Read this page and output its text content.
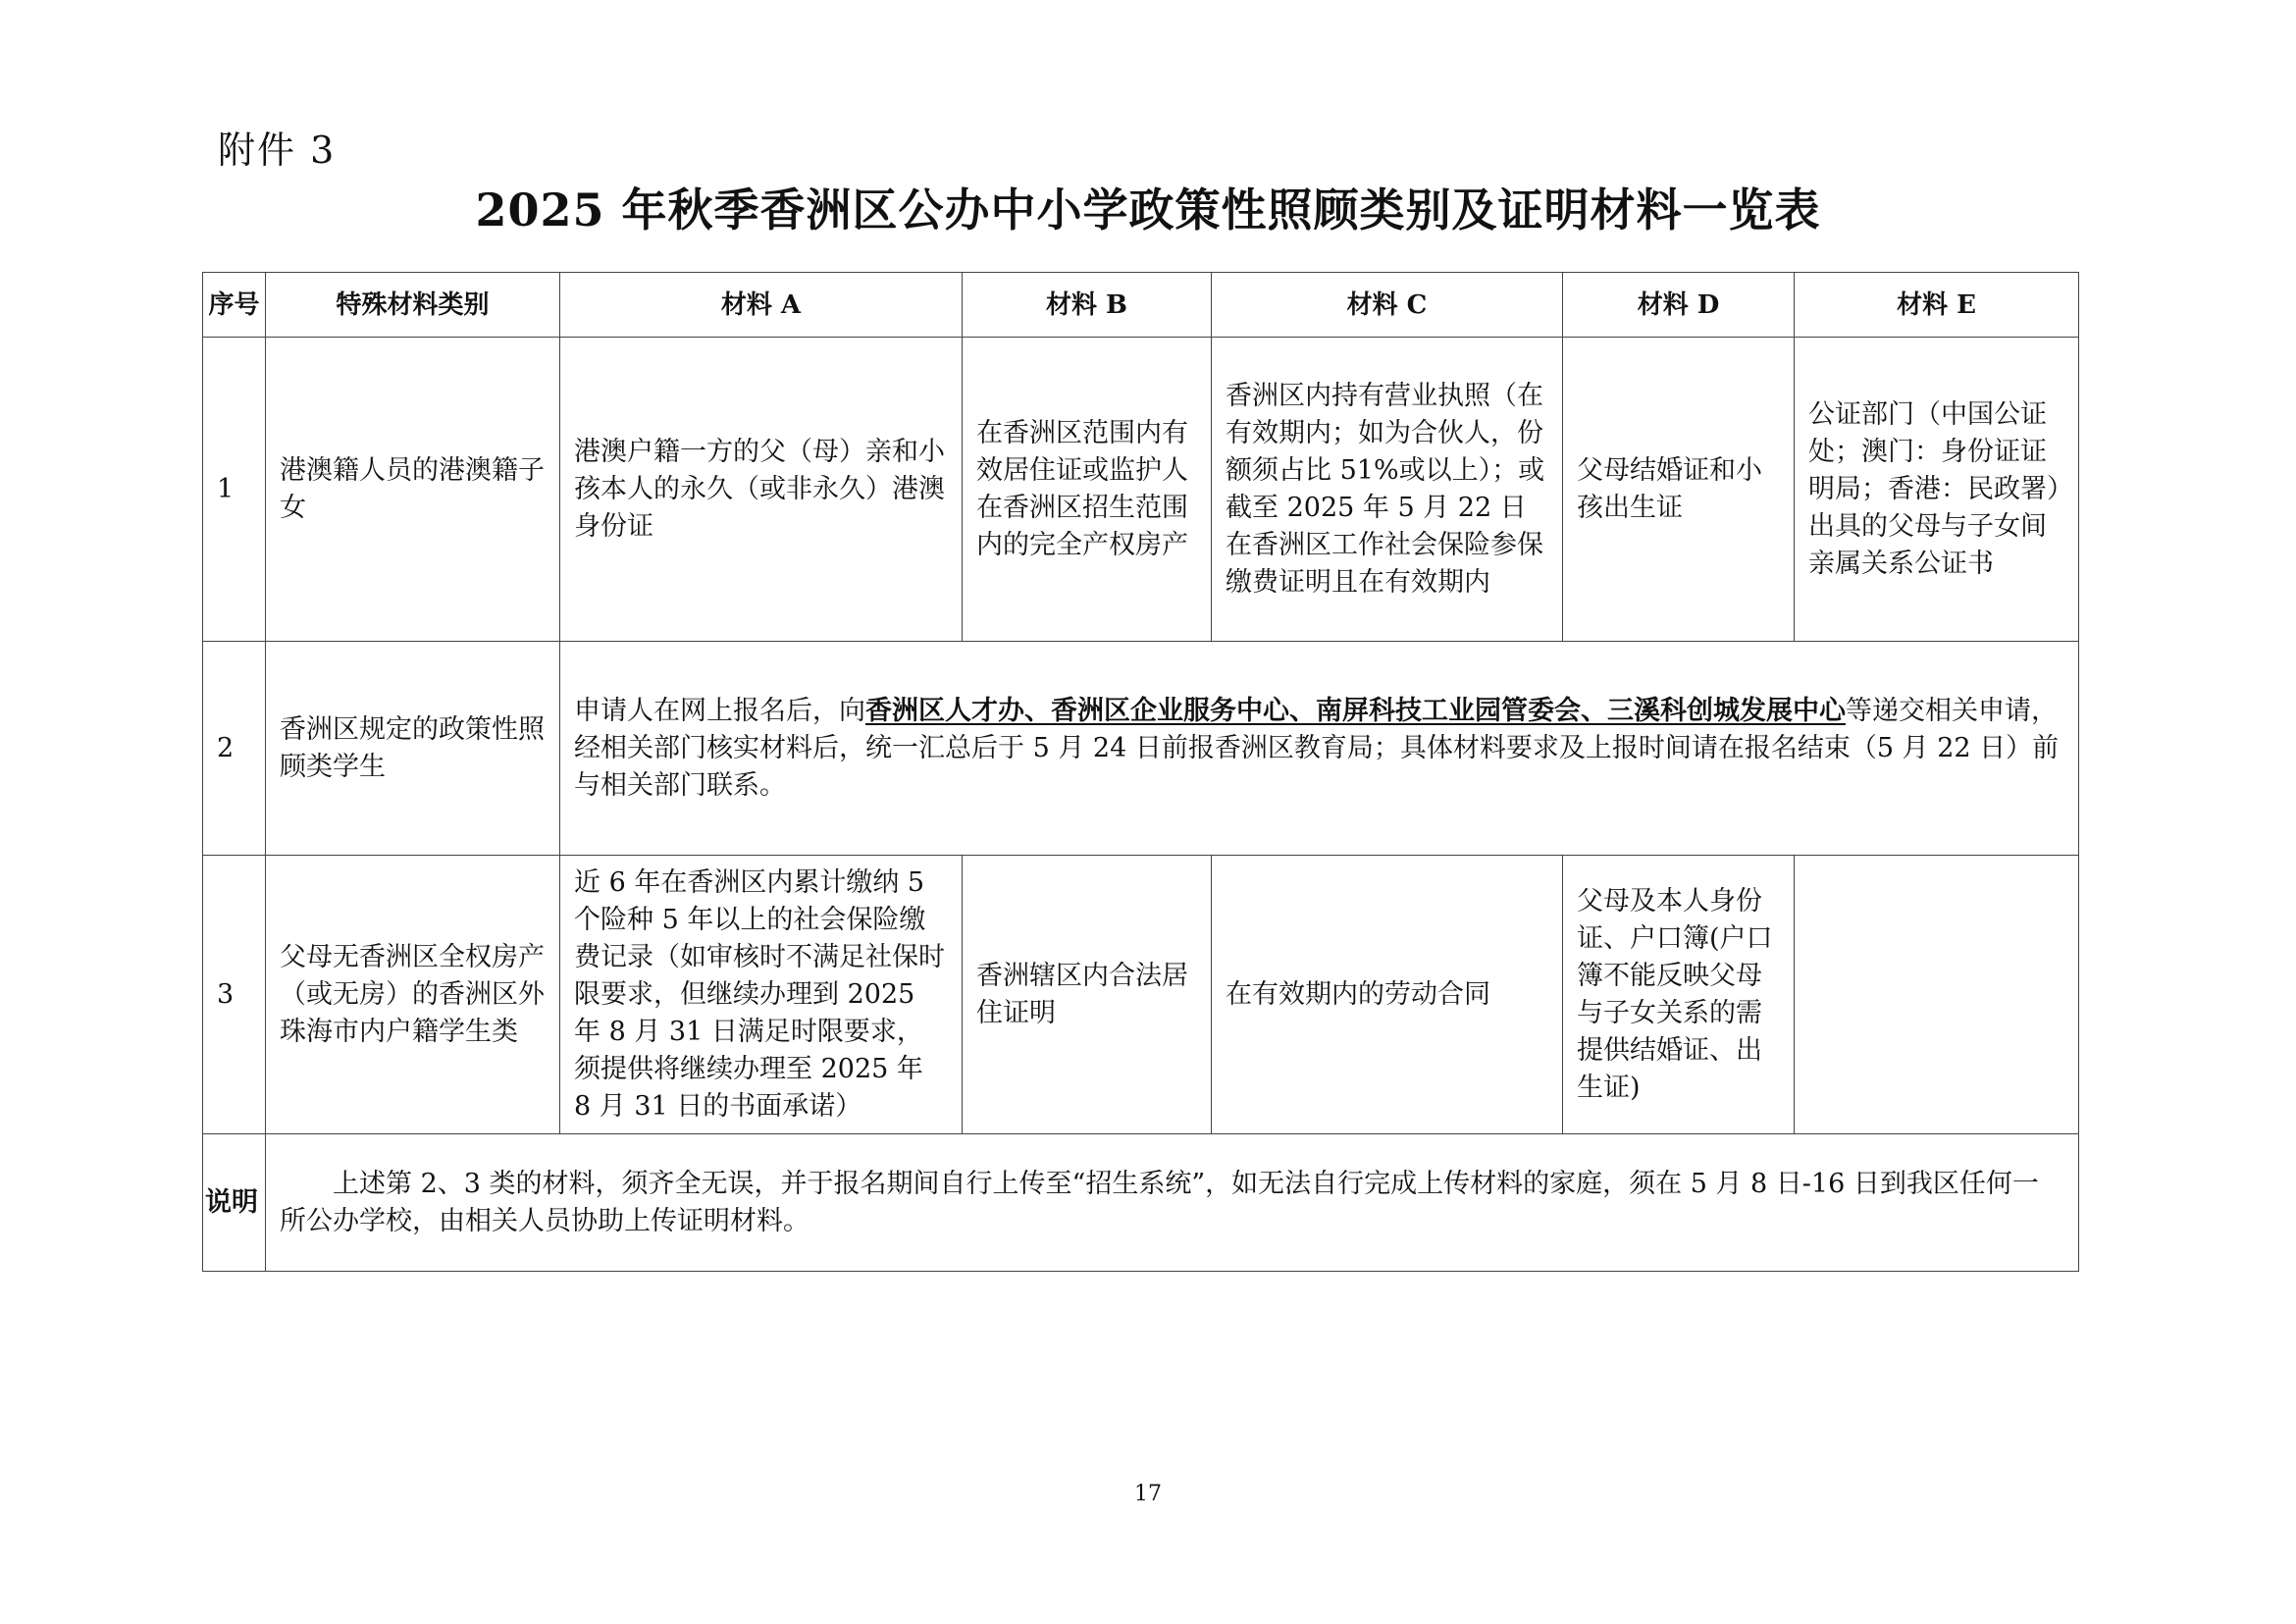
附件 3
2025 年秋季香洲区公办中小学政策性照顾类别及证明材料一览表
序号	特殊材料类别	材料 A	材料 B	材料 C	材料 D	材料 E
1	港澳籍人员的港澳籍子女	港澳户籍一方的父（母）亲和小孩本人的永久（或非永久）港澳身份证	在香洲区范围内有效居住证或监护人在香洲区招生范围内的完全产权房产	香洲区内持有营业执照（在有效期内；如为合伙人，份额须占比 51%或以上）；或截至 2025 年 5 月 22 日在香洲区工作社会保险参保缴费证明且在有效期内	父母结婚证和小孩出生证	公证部门（中国公证处；澳门：身份证证明局；香港：民政署）出具的父母与子女间亲属关系公证书
2	香洲区规定的政策性照顾类学生	申请人在网上报名后，向香洲区人才办、香洲区企业服务中心、南屏科技工业园管委会、三溪科创城发展中心等递交相关申请，经相关部门核实材料后，统一汇总后于 5 月 24 日前报香洲区教育局；具体材料要求及上报时间请在报名结束（5 月 22 日）前与相关部门联系。				
3	父母无香洲区全权房产（或无房）的香洲区外珠海市内户籍学生类	近 6 年在香洲区内累计缴纳 5 个险种 5 年以上的社会保险缴费记录（如审核时不满足社保时限要求，但继续办理到 2025 年 8 月 31 日满足时限要求，须提供将继续办理至 2025 年 8 月 31 日的书面承诺）	香洲辖区内合法居住证明	在有效期内的劳动合同	父母及本人身份证、户口簿(户口簿不能反映父母与子女关系的需提供结婚证、出生证)	
说明	上述第 2、3 类的材料，须齐全无误，并于报名期间自行上传至“招生系统”，如无法自行完成上传材料的家庭，须在 5 月 8 日-16 日到我区任何一所公办学校，由相关人员协助上传证明材料。					
17
